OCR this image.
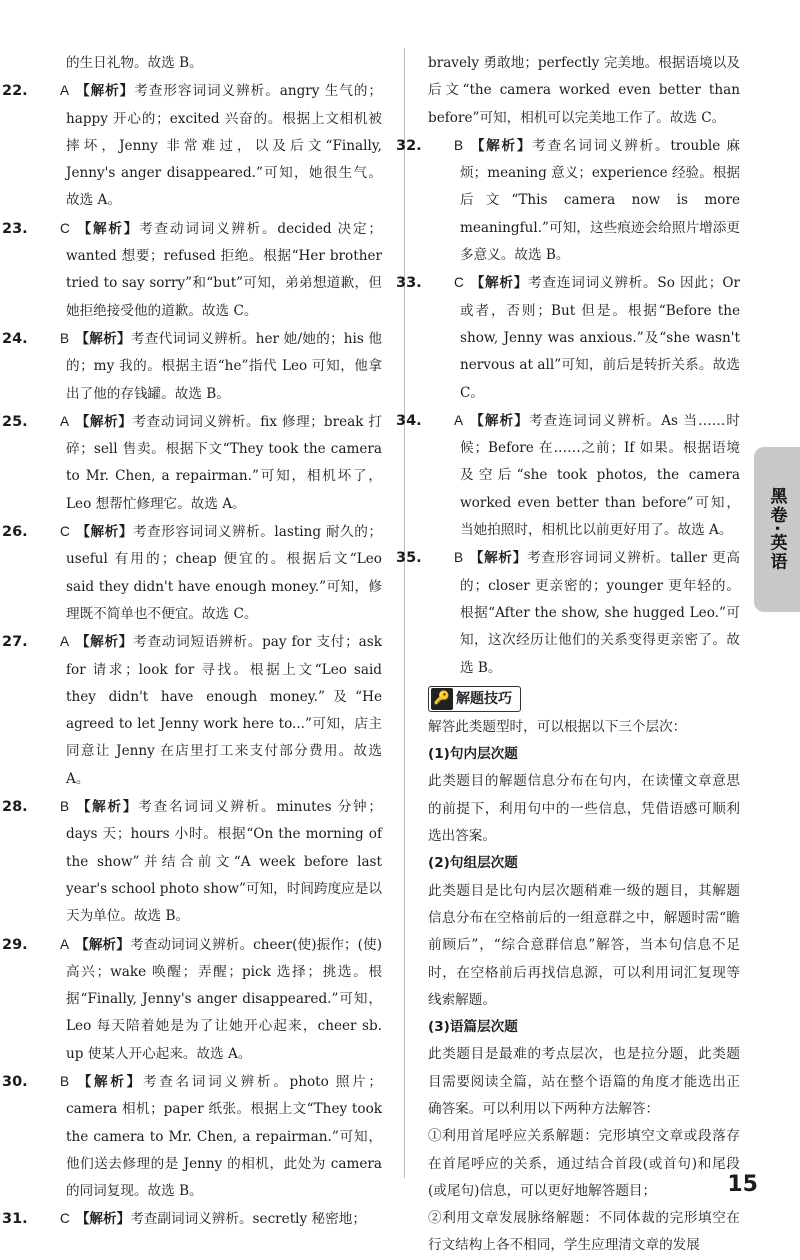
的生日礼物。故选 B。

22. A 【解析】考查形容词词义辨析。angry 生气的；happy 开心的；excited 兴奋的。根据上文相机被摔坏，Jenny 非常难过，以及后文“Finally, Jenny's anger disappeared.”可知，她很生气。故选 A。

23. C 【解析】考查动词词义辨析。decided 决定；wanted 想要；refused 拒绝。根据“Her brother tried to say sorry”和“but”可知，弟弟想道歉，但她拒绝接受他的道歉。故选 C。

24. B 【解析】考查代词词义辨析。her 她/她的；his 他的；my 我的。根据主语“he”指代 Leo 可知，他拿出了他的存钱罐。故选 B。

25. A 【解析】考查动词词义辨析。fix 修理；break 打碎；sell 售卖。根据下文“They took the camera to Mr. Chen, a repairman.”可知，相机坏了，Leo 想帮忙修理它。故选 A。

26. C 【解析】考查形容词词义辨析。lasting 耐久的；useful 有用的；cheap 便宜的。根据后文“Leo said they didn't have enough money.”可知，修理既不简单也不便宜。故选 C。

27. A 【解析】考查动词短语辨析。pay for 支付；ask for 请求；look for 寻找。根据上文“Leo said they didn't have enough money.”及“He agreed to let Jenny work here to...”可知，店主同意让 Jenny 在店里打工来支付部分费用。故选 A。

28. B 【解析】考查名词词义辨析。minutes 分钟；days 天；hours 小时。根据“On the morning of the show”并结合前文“A week before last year's school photo show”可知，时间跨度应是以天为单位。故选 B。

29. A 【解析】考查动词词义辨析。cheer(使)振作；(使)高兴；wake 唤醒；弄醒；pick 选择；挑选。根据“Finally, Jenny's anger disappeared.”可知，Leo 每天陪着她是为了让她开心起来，cheer sb. up 使某人开心起来。故选 A。

30. B 【解析】考查名词词义辨析。photo 照片；camera 相机；paper 纸张。根据上文“They took the camera to Mr. Chen, a repairman.”可知，他们送去修理的是 Jenny 的相机，此处为 camera 的同词复现。故选 B。

31. C 【解析】考查副词词义辨析。secretly 秘密地；

bravely 勇敢地；perfectly 完美地。根据语境以及后文“the camera worked even better than before”可知，相机可以完美地工作了。故选 C。

32. B 【解析】考查名词词义辨析。trouble 麻烦；meaning 意义；experience 经验。根据后文“This camera now is more meaningful.”可知，这些痕迹会给照片增添更多意义。故选 B。

33. C 【解析】考查连词词义辨析。So 因此；Or 或者，否则；But 但是。根据“Before the show, Jenny was anxious.”及“she wasn't nervous at all”可知，前后是转折关系。故选 C。

34. A 【解析】考查连词词义辨析。As 当……时候；Before 在……之前；If 如果。根据语境及空后“she took photos, the camera worked even better than before”可知，当她拍照时，相机比以前更好用了。故选 A。

35. B 【解析】考查形容词词义辨析。taller 更高的；closer 更亲密的；younger 更年轻的。根据“After the show, she hugged Leo.”可知，这次经历让他们的关系变得更亲密了。故选 B。

🔑 解题技巧

解答此类题型时，可以根据以下三个层次：

(1)句内层次题

此类题目的解题信息分布在句内，在读懂文章意思的前提下，利用句中的一些信息，凭借语感可顺利选出答案。

(2)句组层次题

此类题目是比句内层次题稍难一级的题目，其解题信息分布在空格前后的一组意群之中，解题时需“瞻前顾后”，“综合意群信息”解答，当本句信息不足时，在空格前后再找信息源，可以利用词汇复现等线索解题。

(3)语篇层次题

此类题目是最难的考点层次，也是拉分题，此类题目需要阅读全篇，站在整个语篇的角度才能选出正确答案。可以利用以下两种方法解答：

①利用首尾呼应关系解题：完形填空文章或段落存在首尾呼应的关系，通过结合首段(或首句)和尾段(或尾句)信息，可以更好地解答题目；

②利用文章发展脉络解题：不同体裁的完形填空在行文结构上各不相同，学生应理清文章的发展

黑卷·英语
15
